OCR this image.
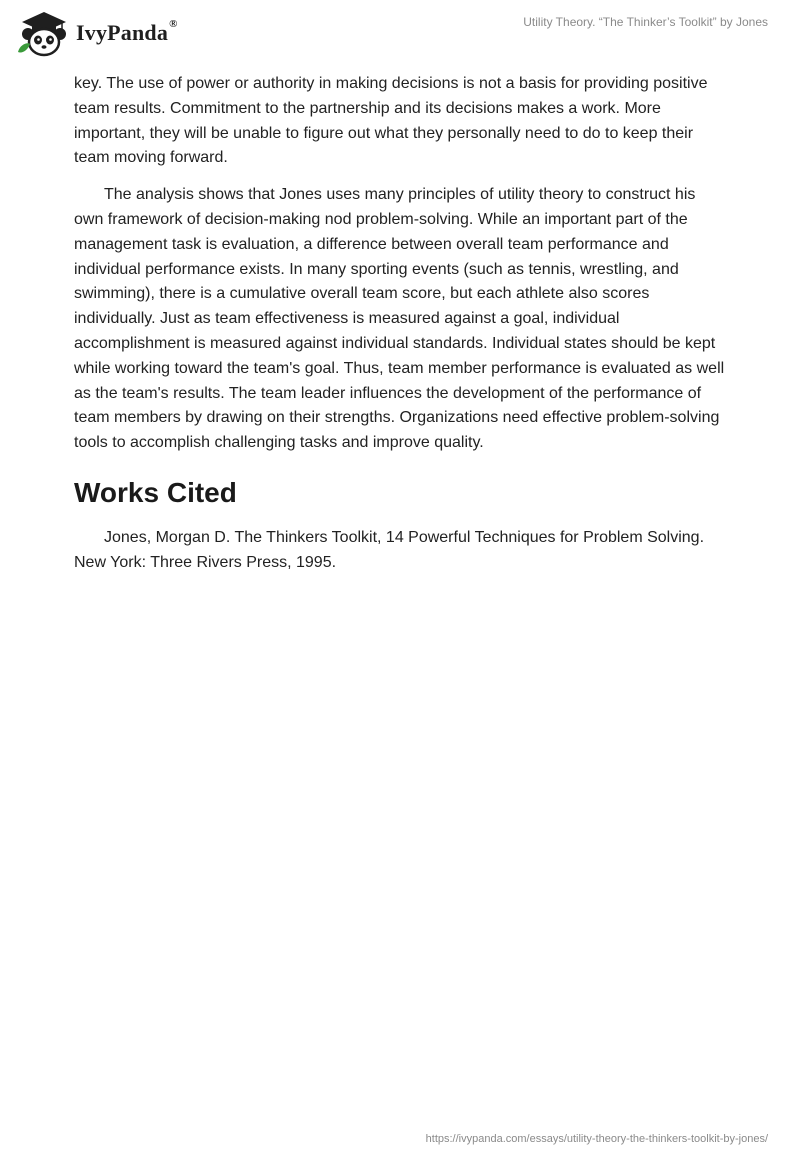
IvyPanda®	Utility Theory. “The Thinker’s Toolkit” by Jones

key. The use of power or authority in making decisions is not a basis for providing positive team results. Commitment to the partnership and its decisions makes a work. More important, they will be unable to figure out what they personally need to do to keep their team moving forward.

The analysis shows that Jones uses many principles of utility theory to construct his own framework of decision-making nod problem-solving. While an important part of the management task is evaluation, a difference between overall team performance and individual performance exists. In many sporting events (such as tennis, wrestling, and swimming), there is a cumulative overall team score, but each athlete also scores individually. Just as team effectiveness is measured against a goal, individual accomplishment is measured against individual standards. Individual states should be kept while working toward the team's goal. Thus, team member performance is evaluated as well as the team's results. The team leader influences the development of the performance of team members by drawing on their strengths. Organizations need effective problem-solving tools to accomplish challenging tasks and improve quality.

Works Cited

Jones, Morgan D. The Thinkers Toolkit, 14 Powerful Techniques for Problem Solving. New York: Three Rivers Press, 1995.

https://ivypanda.com/essays/utility-theory-the-thinkers-toolkit-by-jones/
